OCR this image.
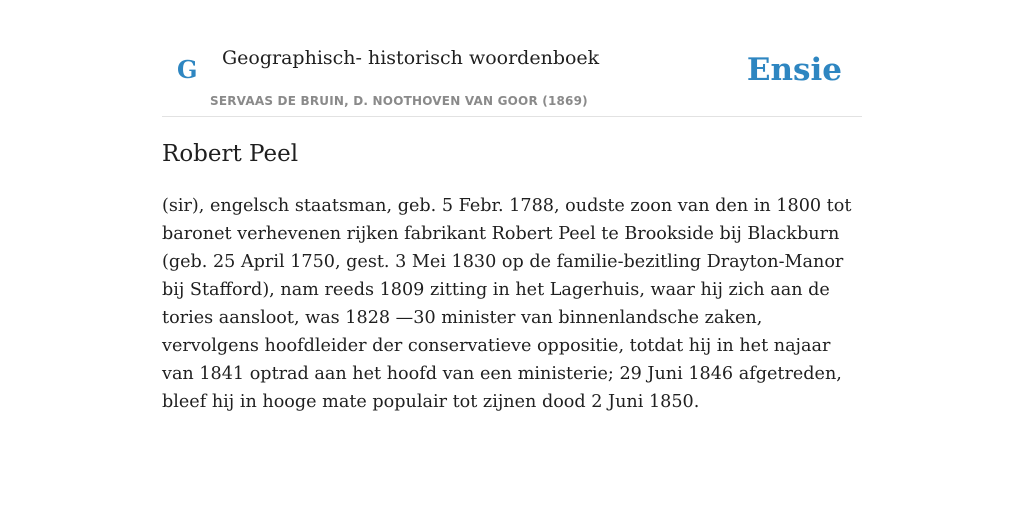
G Geographisch- historisch woordenboek
SERVAAS DE BRUIN, D. NOOTHOVEN VAN GOOR (1869)
Ensie
Robert Peel

(sir), engelsch staatsman, geb. 5 Febr. 1788, oudste zoon van den in 1800 tot baronet verhevenen rijken fabrikant Robert Peel te Brookside bij Blackburn (geb. 25 April 1750, gest. 3 Mei 1830 op de familie-bezitling Drayton-Manor bij Stafford), nam reeds 1809 zitting in het Lagerhuis, waar hij zich aan de tories aansloot, was 1828 —30 minister van binnenlandsche zaken, vervolgens hoofdleider der conservatieve oppositie, totdat hij in het najaar van 1841 optrad aan het hoofd van een ministerie; 29 Juni 1846 afgetreden, bleef hij in hooge mate populair tot zijnen dood 2 Juni 1850.
